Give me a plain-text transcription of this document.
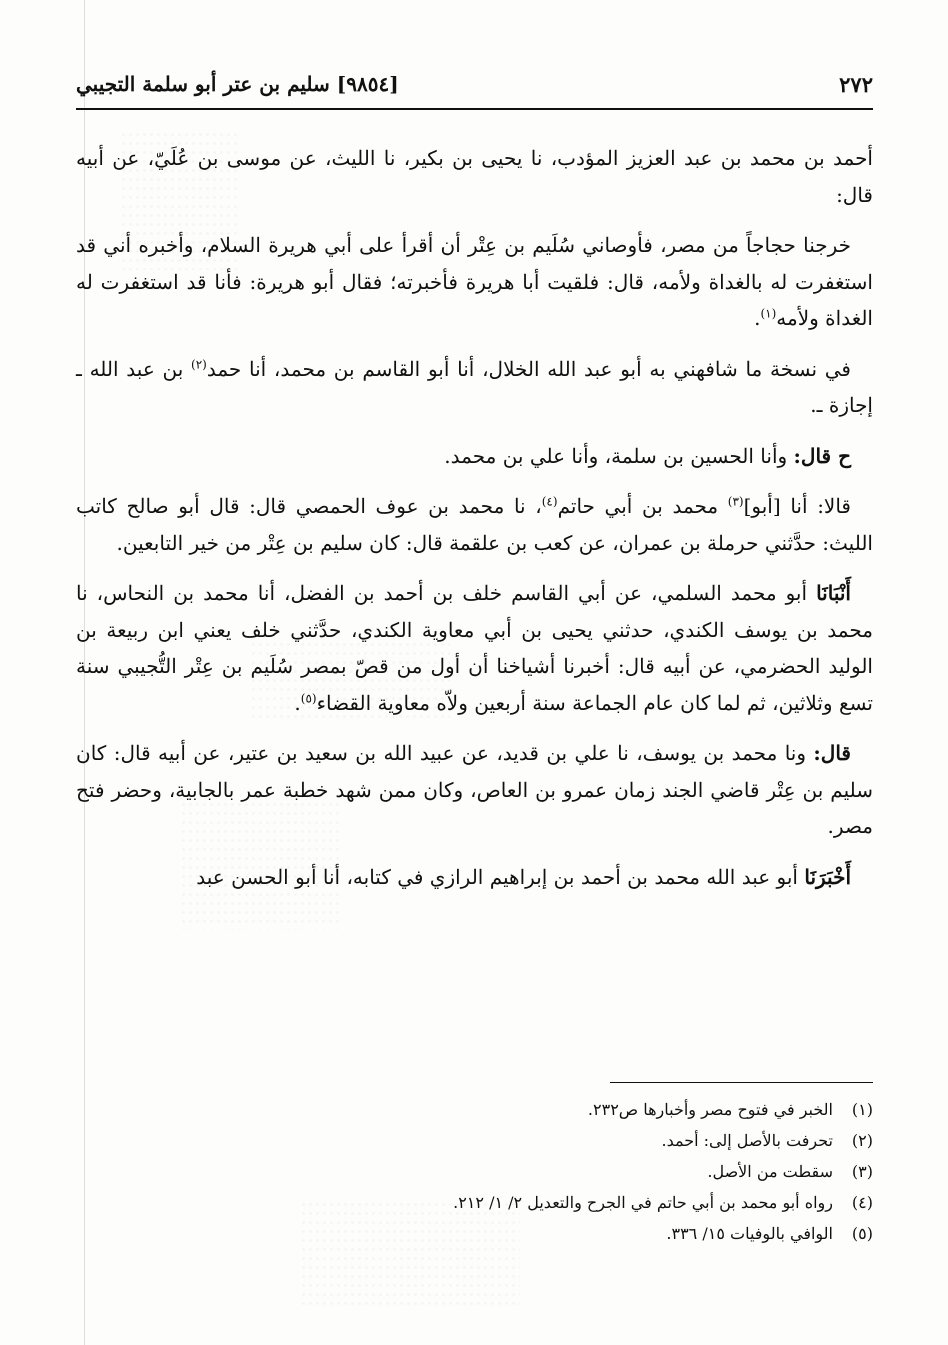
٢٧٢
[٩٨٥٤] سليم بن عتر أبو سلمة التجيبي

أحمد بن محمد بن عبد العزيز المؤدب، نا يحيى بن بكير، نا الليث، عن موسى بن عُلَيّ، عن أبيه قال:

خرجنا حجاجاً من مصر، فأوصاني سُلَيم بن عِتْر أن أقرأ على أبي هريرة السلام، وأخبره أني قد استغفرت له بالغداة ولأمه، قال: فلقيت أبا هريرة فأخبرته؛ فقال أبو هريرة: فأنا قد استغفرت له الغداة ولأمه$^{(١)}$.

في نسخة ما شافهني به أبو عبد الله الخلال، أنا أبو القاسم بن محمد، أنا حمد$^{(٢)}$ بن عبد الله ـ إجازة ـ.

ح قال: وأنا الحسين بن سلمة، وأنا علي بن محمد.

قالا: أنا [أبو]$^{(٣)}$ محمد بن أبي حاتم$^{(٤)}$، نا محمد بن عوف الحمصي قال: قال أبو صالح كاتب الليث: حدَّثني حرملة بن عمران، عن كعب بن علقمة قال: كان سليم بن عِتْر من خير التابعين.

أَنْبَانَا أبو محمد السلمي، عن أبي القاسم خلف بن أحمد بن الفضل، أنا محمد بن النحاس، نا محمد بن يوسف الكندي، حدثني يحيى بن أبي معاوية الكندي، حدَّثني خلف يعني ابن ربيعة بن الوليد الحضرمي، عن أبيه قال: أخبرنا أشياخنا أن أول من قصّ بمصر سُلَيم بن عِتْر التُّجيبي سنة تسع وثلاثين، ثم لما كان عام الجماعة سنة أربعين ولاّه معاوية القضاء$^{(٥)}$.

قال: ونا محمد بن يوسف، نا علي بن قديد، عن عبيد الله بن سعيد بن عتير، عن أبيه قال: كان سليم بن عِتْر قاضي الجند زمان عمرو بن العاص، وكان ممن شهد خطبة عمر بالجابية، وحضر فتح مصر.

أَخْبَرَنَا أبو عبد الله محمد بن أحمد بن إبراهيم الرازي في كتابه، أنا أبو الحسن عبد

(١)
الخبر في فتوح مصر وأخبارها ص٢٣٢.
(٢)
تحرفت بالأصل إلى: أحمد.
(٣)
سقطت من الأصل.
(٤)
رواه أبو محمد بن أبي حاتم في الجرح والتعديل ٢/ ١/ ٢١٢.
(٥)
الوافي بالوفيات ١٥/ ٣٣٦.
